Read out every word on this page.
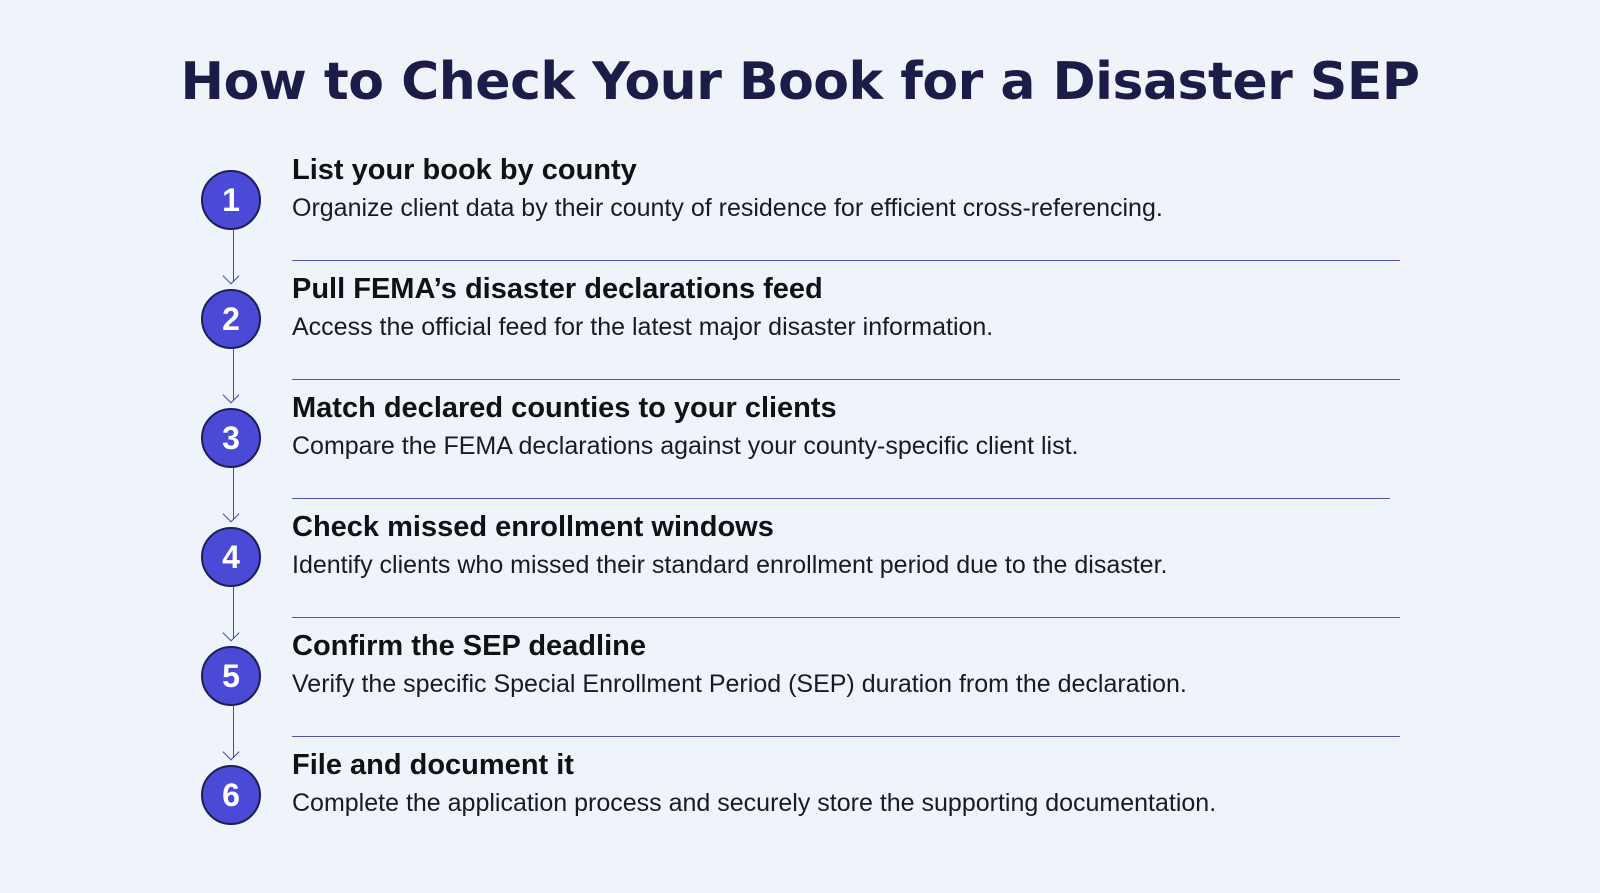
How to Check Your Book for a Disaster SEP
1
List your book by county
Organize client data by their county of residence for efficient cross-referencing.
2
Pull FEMA’s disaster declarations feed
Access the official feed for the latest major disaster information.
3
Match declared counties to your clients
Compare the FEMA declarations against your county-specific client list.
4
Check missed enrollment windows
Identify clients who missed their standard enrollment period due to the disaster.
5
Confirm the SEP deadline
Verify the specific Special Enrollment Period (SEP) duration from the declaration.
6
File and document it
Complete the application process and securely store the supporting documentation.
